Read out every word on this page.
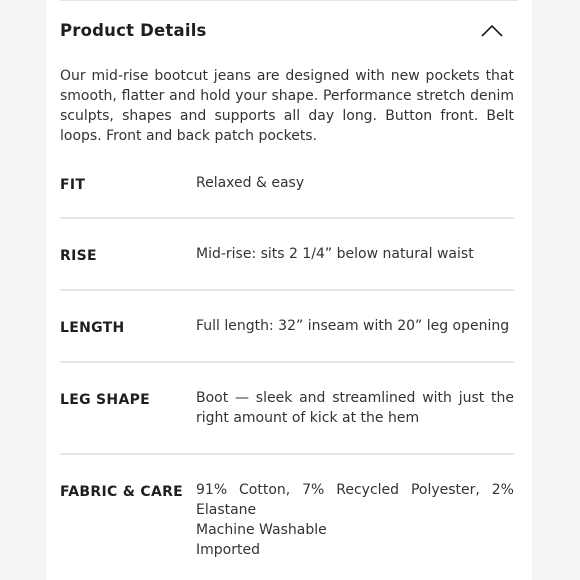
Product Details
Our mid-rise bootcut jeans are designed with new pockets that smooth, flatter and hold your shape. Performance stretch denim sculpts, shapes and supports all day long. Button front. Belt loops. Front and back patch pockets.
FIT	Relaxed & easy
RISE	Mid-rise: sits 2 1/4” below natural waist
LENGTH	Full length: 32” inseam with 20” leg opening
LEG SHAPE	Boot — sleek and streamlined with just the right amount of kick at the hem
FABRIC & CARE 91% Cotton, 7% Recycled Polyester, 2% Elastane
Machine Washable
Imported
